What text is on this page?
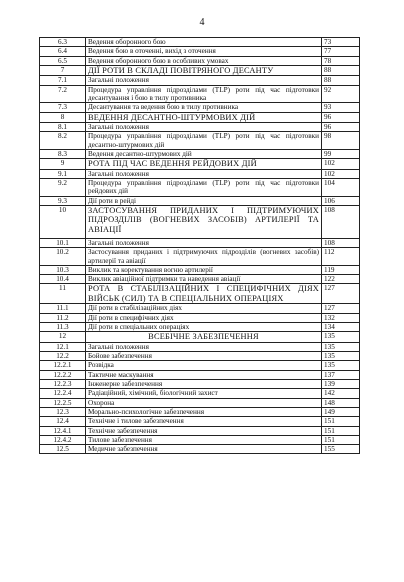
4
6.3	Ведення оборонного бою	73
6.4	Ведення бою в оточенні, вихід з оточення	77
6.5	Ведення оборонного бою в особливих умовах	78
7	ДІЇ РОТИ В СКЛАДІ ПОВІТРЯНОГО ДЕСАНТУ	88
7.1	Загальні положення	88
7.2	Процедура управління підрозділами (TLP) роти під час підготовки десантування і бою в тилу противника	92
7.3	Десантування та ведення бою в тилу противника	93
8	ВЕДЕННЯ ДЕСАНТНО-ШТУРМОВИХ ДІЙ	96
8.1	Загальні положення	96
8.2	Процедура управління підрозділами (TLP) роти під час підготовки десантно-штурмових дій	98
8.3	Ведення десантно-штурмових дій	99
9	РОТА ПІД ЧАС ВЕДЕННЯ РЕЙДОВИХ ДІЙ	102
9.1	Загальні положення	102
9.2	Процедура управління підрозділами (TLP) роти під час підготовки рейдових дій	104
9.3	Дії роти в рейді	106
10	ЗАСТОСУВАННЯ ПРИДАНИХ І ПІДТРИМУЮЧИХ ПІДРОЗДІЛІВ (ВОГНЕВИХ ЗАСОБІВ) АРТИЛЕРІЇ ТА АВІАЦІЇ	108
10.1	Загальні положення	108
10.2	Застосування приданих і підтримуючих підрозділів (вогневих засобів) артилерії та авіації	112
10.3	Виклик та коректування вогню артилерії	119
10.4	Виклик авіаційної підтримки та наведення авіації	122
11	РОТА В СТАБІЛІЗАЦІЙНИХ І СПЕЦИФІЧНИХ ДІЯХ ВІЙСЬК (СИЛ) ТА В СПЕЦІАЛЬНИХ ОПЕРАЦІЯХ	127
11.1	Дії роти в стабілізаційних діях	127
11.2	Дії роти в специфічних діях	132
11.3	Дії роти в спеціальних операціях	134
12	ВСЕБІЧНЕ ЗАБЕЗПЕЧЕННЯ	135
12.1	Загальні положення	135
12.2	Бойове забезпечення	135
12.2.1	Розвідка	135
12.2.2	Тактичне маскування	137
12.2.3	Інженерне забезпечення	139
12.2.4	Радіаційний, хімічний, біологічний захист	142
12.2.5	Охорона	148
12.3	Морально-психологічне забезпечення	149
12.4	Технічне і тилове забезпечення	151
12.4.1	Технічне забезпечення	151
12.4.2	Тилове забезпечення	151
12.5	Медичне забезпечення	155
